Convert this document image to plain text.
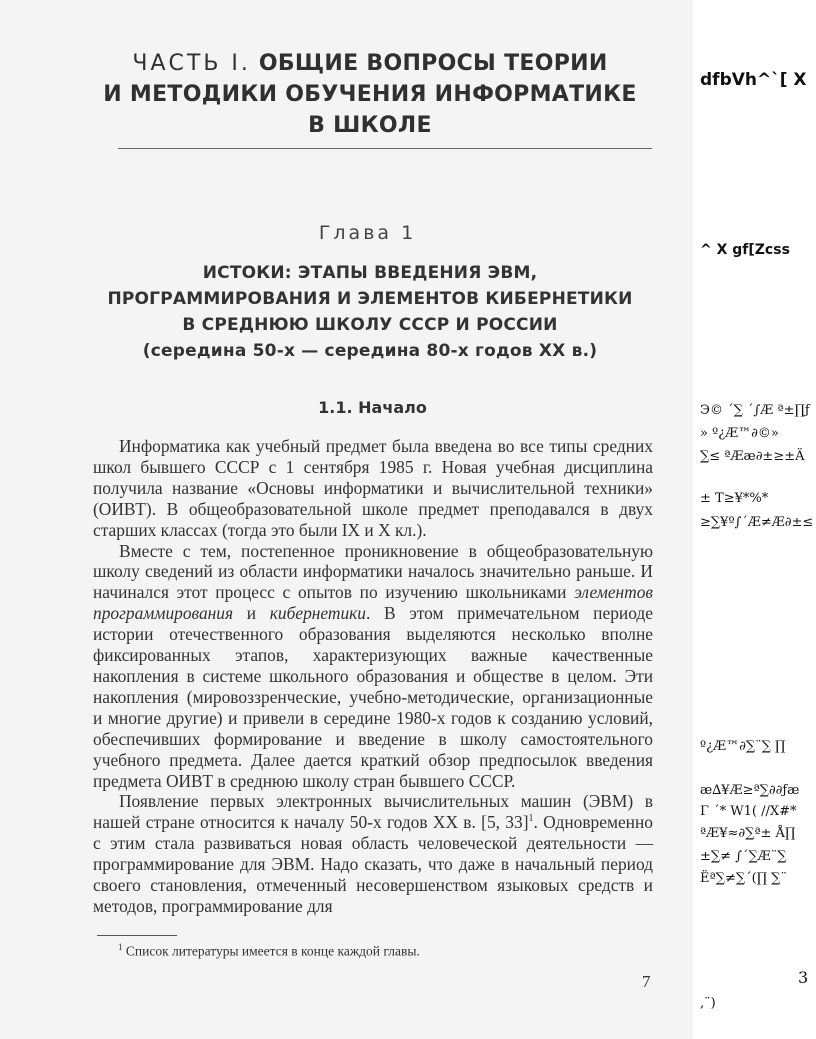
ЧАСТЬ I. ОБЩИЕ ВОПРОСЫ ТЕОРИИ
И МЕТОДИКИ ОБУЧЕНИЯ ИНФОРМАТИКЕ
В ШКОЛЕ
Глава 1
ИСТОКИ: ЭТАПЫ ВВЕДЕНИЯ ЭВМ,
ПРОГРАММИРОВАНИЯ И ЭЛЕМЕНТОВ КИБЕРНЕТИКИ
В СРЕДНЮЮ ШКОЛУ СССР И РОССИИ
(середина 50-х — середина 80-х годов XX в.)
1.1. Начало

Информатика как учебный предмет была введена во все типы средних школ бывшего СССР с 1 сентября 1985 г. Новая учебная дисциплина получила название «Основы информатики и вычислительной техники» (ОИВТ). В общеобразовательной школе предмет преподавался в двух старших классах (тогда это были IX и X кл.).

Вместе с тем, постепенное проникновение в общеобразовательную школу сведений из области информатики началось значительно раньше. И начинался этот процесс с опытов по изучению школьниками элементов программирования и кибернетики. В этом примечательном периоде истории отечественного образования выделяются несколько вполне фиксированных этапов, характеризующих важные качественные накопления в системе школьного образования и обществе в целом. Эти накопления (мировоззренческие, учебно-методические, организационные и многие другие) и привели в середине 1980-х годов к созданию условий, обеспечивших формирование и введение в школу самостоятельного учебного предмета. Далее дается краткий обзор предпосылок введения предмета ОИВТ в среднюю школу стран бывшего СССР.

Появление первых электронных вычислительных машин (ЭВМ) в нашей стране относится к началу 50-х годов XX в. [5, 33]$^1$. Одновременно с этим стала развиваться новая область человеческой деятельности — программирование для ЭВМ. Надо сказать, что даже в начальный период своего становления, отмеченный несовершенством языковых средств и методов, программирование для

$^1$ Список литературы имеется в конце каждой главы.
7
dfbVh^`[ X
^ X gf[Zcss
Э© ´∑ ´∫Æ ª±∏ƒ
» º¿Æ™∂©»
∑≤ ªÆæ∂±≥±Ä
± T≥¥*%*
≥∑¥º∫´Æ≠Æ∂±≤
º¿Æ™∂∑¨∑ ∏
æ∆¥Æ≥ª∑∂∂ƒæ
Γ ´* W1( //X#*
ªÆ¥≈∂∑ª± Å∏
±∑≠ ∫´∑Æ¨∑
Ëª∑≠∑´(∏ ∑¨
3
,¨)
